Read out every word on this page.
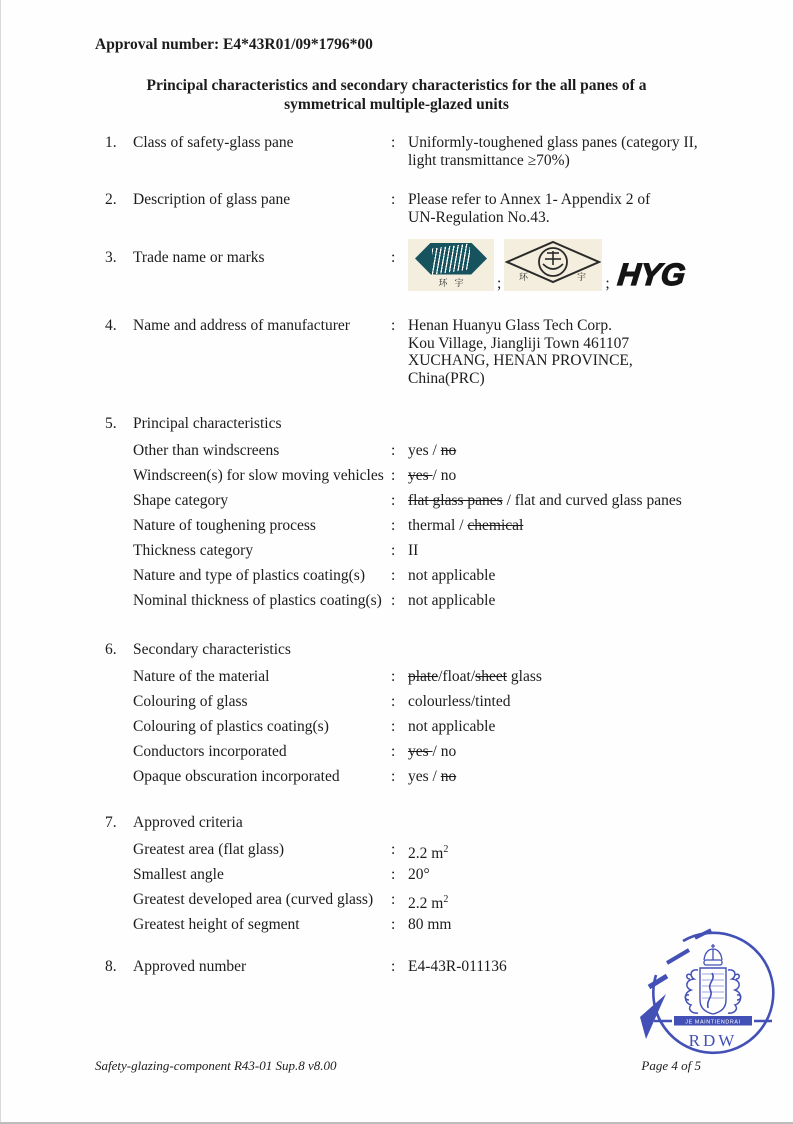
Approval number: E4*43R01/09*1796*00
Principal characteristics and secondary characteristics for the all panes of a
symmetrical multiple-glazed units
1.	Class of safety-glass pane	: Uniformly-toughened glass panes (category II,
light transmittance ≥70%)
2.	Description of glass pane	: Please refer to Annex 1- Appendix 2 of
UN-Regulation No.43.
3.	Trade name or marks	:
环宇 ; 环	宇 ; HYG
4.	Name and address of manufacturer	: Henan Huanyu Glass Tech Corp.
Kou Village, Jiangliji Town 461107
XUCHANG, HENAN PROVINCE,
China(PRC)
5.	Principal characteristics
Other than windscreens	: yes / no
Windscreen(s) for slow moving vehicles : yes / no
Shape category	: flat glass panes / flat and curved glass panes
Nature of toughening process	: thermal / chemical
Thickness category	: II
Nature and type of plastics coating(s)	: not applicable
Nominal thickness of plastics coating(s) : not applicable
6.	Secondary characteristics
Nature of the material	: plate/float/sheet glass
Colouring of glass	: colourless/tinted
Colouring of plastics coating(s)	: not applicable
Conductors incorporated	: yes / no
Opaque obscuration incorporated	: yes / no
7.	Approved criteria
Greatest area (flat glass)	: 2.2 $m^2$
Smallest angle	: 20°
Greatest developed area (curved glass)	: 2.2 $m^2$
Greatest height of segment	: 80 mm
8.	Approved number	: E4-43R-011136
JE MAINTIENDRAI
RDW
Safety-glazing-component R43-01 Sup.8 v8.00	Page 4 of 5
